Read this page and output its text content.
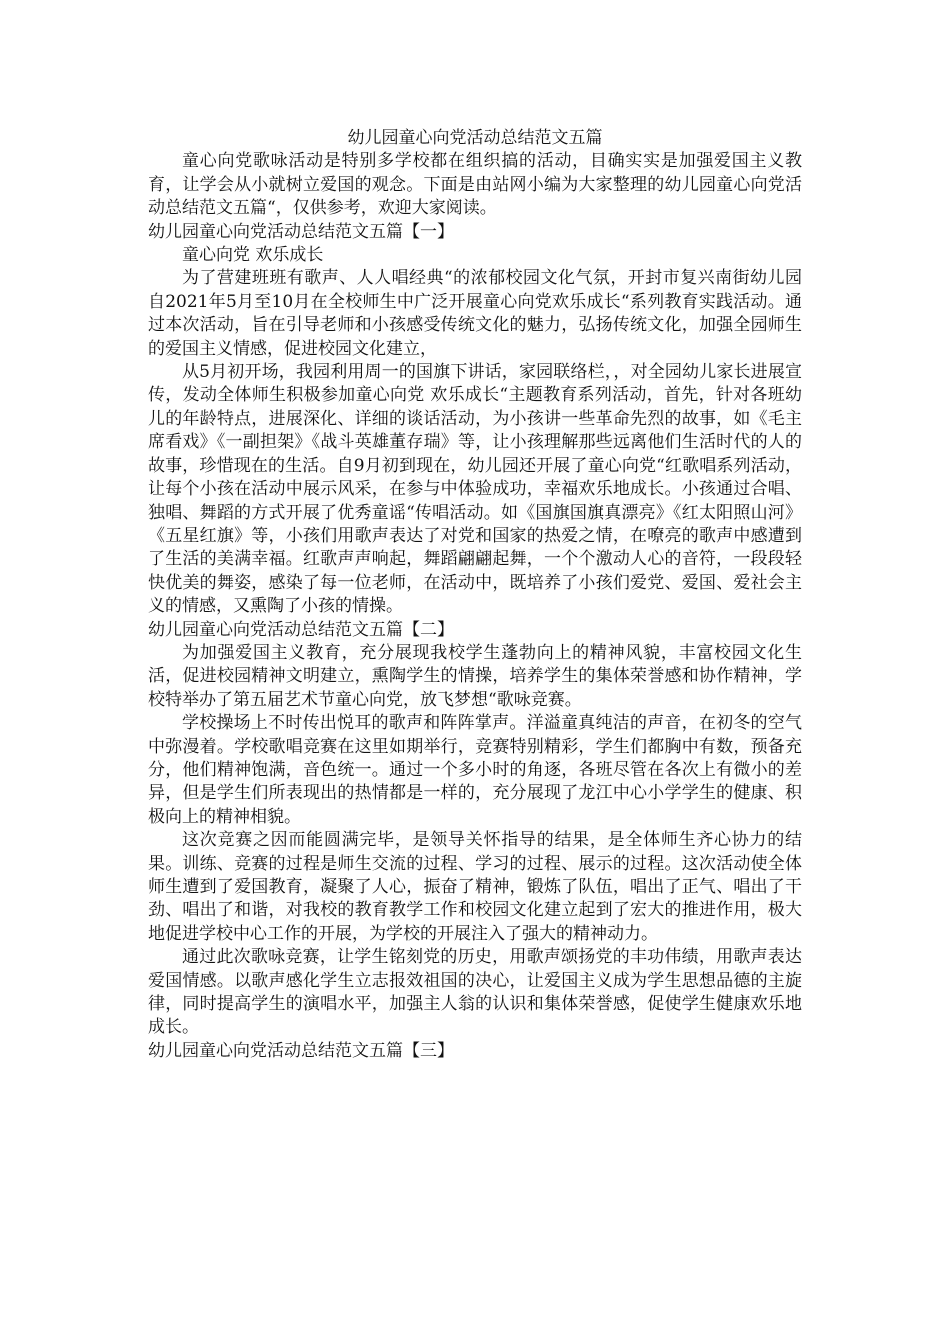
幼儿园童心向党活动总结范文五篇

童心向党歌咏活动是特别多学校都在组织搞的活动，目确实实是加强爱国主义教育，让学会从小就树立爱国的观念。下面是由站网小编为大家整理的幼儿园童心向党活动总结范文五篇“，仅供参考，欢迎大家阅读。

幼儿园童心向党活动总结范文五篇【一】

童心向党 欢乐成长

为了营建班班有歌声、人人唱经典“的浓郁校园文化气氛，开封市复兴南街幼儿园自2021年5月至10月在全校师生中广泛开展童心向党欢乐成长“系列教育实践活动。通过本次活动，旨在引导老师和小孩感受传统文化的魅力，弘扬传统文化，加强全园师生的爱国主义情感，促进校园文化建立，

从5月初开场，我园利用周一的国旗下讲话，家园联络栏，，对全园幼儿家长进展宣传，发动全体师生积极参加童心向党 欢乐成长“主题教育系列活动，首先，针对各班幼儿的年龄特点，进展深化、详细的谈话活动，为小孩讲一些革命先烈的故事，如《毛主席看戏》《一副担架》《战斗英雄董存瑞》等，让小孩理解那些远离他们生活时代的人的故事，珍惜现在的生活。自9月初到现在，幼儿园还开展了童心向党“红歌唱系列活动，让每个小孩在活动中展示风采，在参与中体验成功，幸福欢乐地成长。小孩通过合唱、独唱、舞蹈的方式开展了优秀童谣“传唱活动。如《国旗国旗真漂亮》《红太阳照山河》《五星红旗》等，小孩们用歌声表达了对党和国家的热爱之情，在嘹亮的歌声中感遭到了生活的美满幸福。红歌声声响起，舞蹈翩翩起舞，一个个激动人心的音符，一段段轻快优美的舞姿，感染了每一位老师，在活动中，既培养了小孩们爱党、爱国、爱社会主义的情感，又熏陶了小孩的情操。

幼儿园童心向党活动总结范文五篇【二】

为加强爱国主义教育，充分展现我校学生蓬勃向上的精神风貌，丰富校园文化生活，促进校园精神文明建立，熏陶学生的情操，培养学生的集体荣誉感和协作精神，学校特举办了第五届艺术节童心向党，放飞梦想“歌咏竞赛。

学校操场上不时传出悦耳的歌声和阵阵掌声。洋溢童真纯洁的声音，在初冬的空气中弥漫着。学校歌唱竞赛在这里如期举行，竞赛特别精彩，学生们都胸中有数，预备充分，他们精神饱满，音色统一。通过一个多小时的角逐，各班尽管在各次上有微小的差异，但是学生们所表现出的热情都是一样的，充分展现了龙江中心小学学生的健康、积极向上的精神相貌。

这次竞赛之因而能圆满完毕，是领导关怀指导的结果，是全体师生齐心协力的结果。训练、竞赛的过程是师生交流的过程、学习的过程、展示的过程。这次活动使全体师生遭到了爱国教育，凝聚了人心，振奋了精神，锻炼了队伍，唱出了正气、唱出了干劲、唱出了和谐，对我校的教育教学工作和校园文化建立起到了宏大的推进作用，极大地促进学校中心工作的开展，为学校的开展注入了强大的精神动力。

通过此次歌咏竞赛，让学生铭刻党的历史，用歌声颂扬党的丰功伟绩，用歌声表达爱国情感。以歌声感化学生立志报效祖国的决心，让爱国主义成为学生思想品德的主旋律，同时提高学生的演唱水平，加强主人翁的认识和集体荣誉感，促使学生健康欢乐地成长。

幼儿园童心向党活动总结范文五篇【三】
